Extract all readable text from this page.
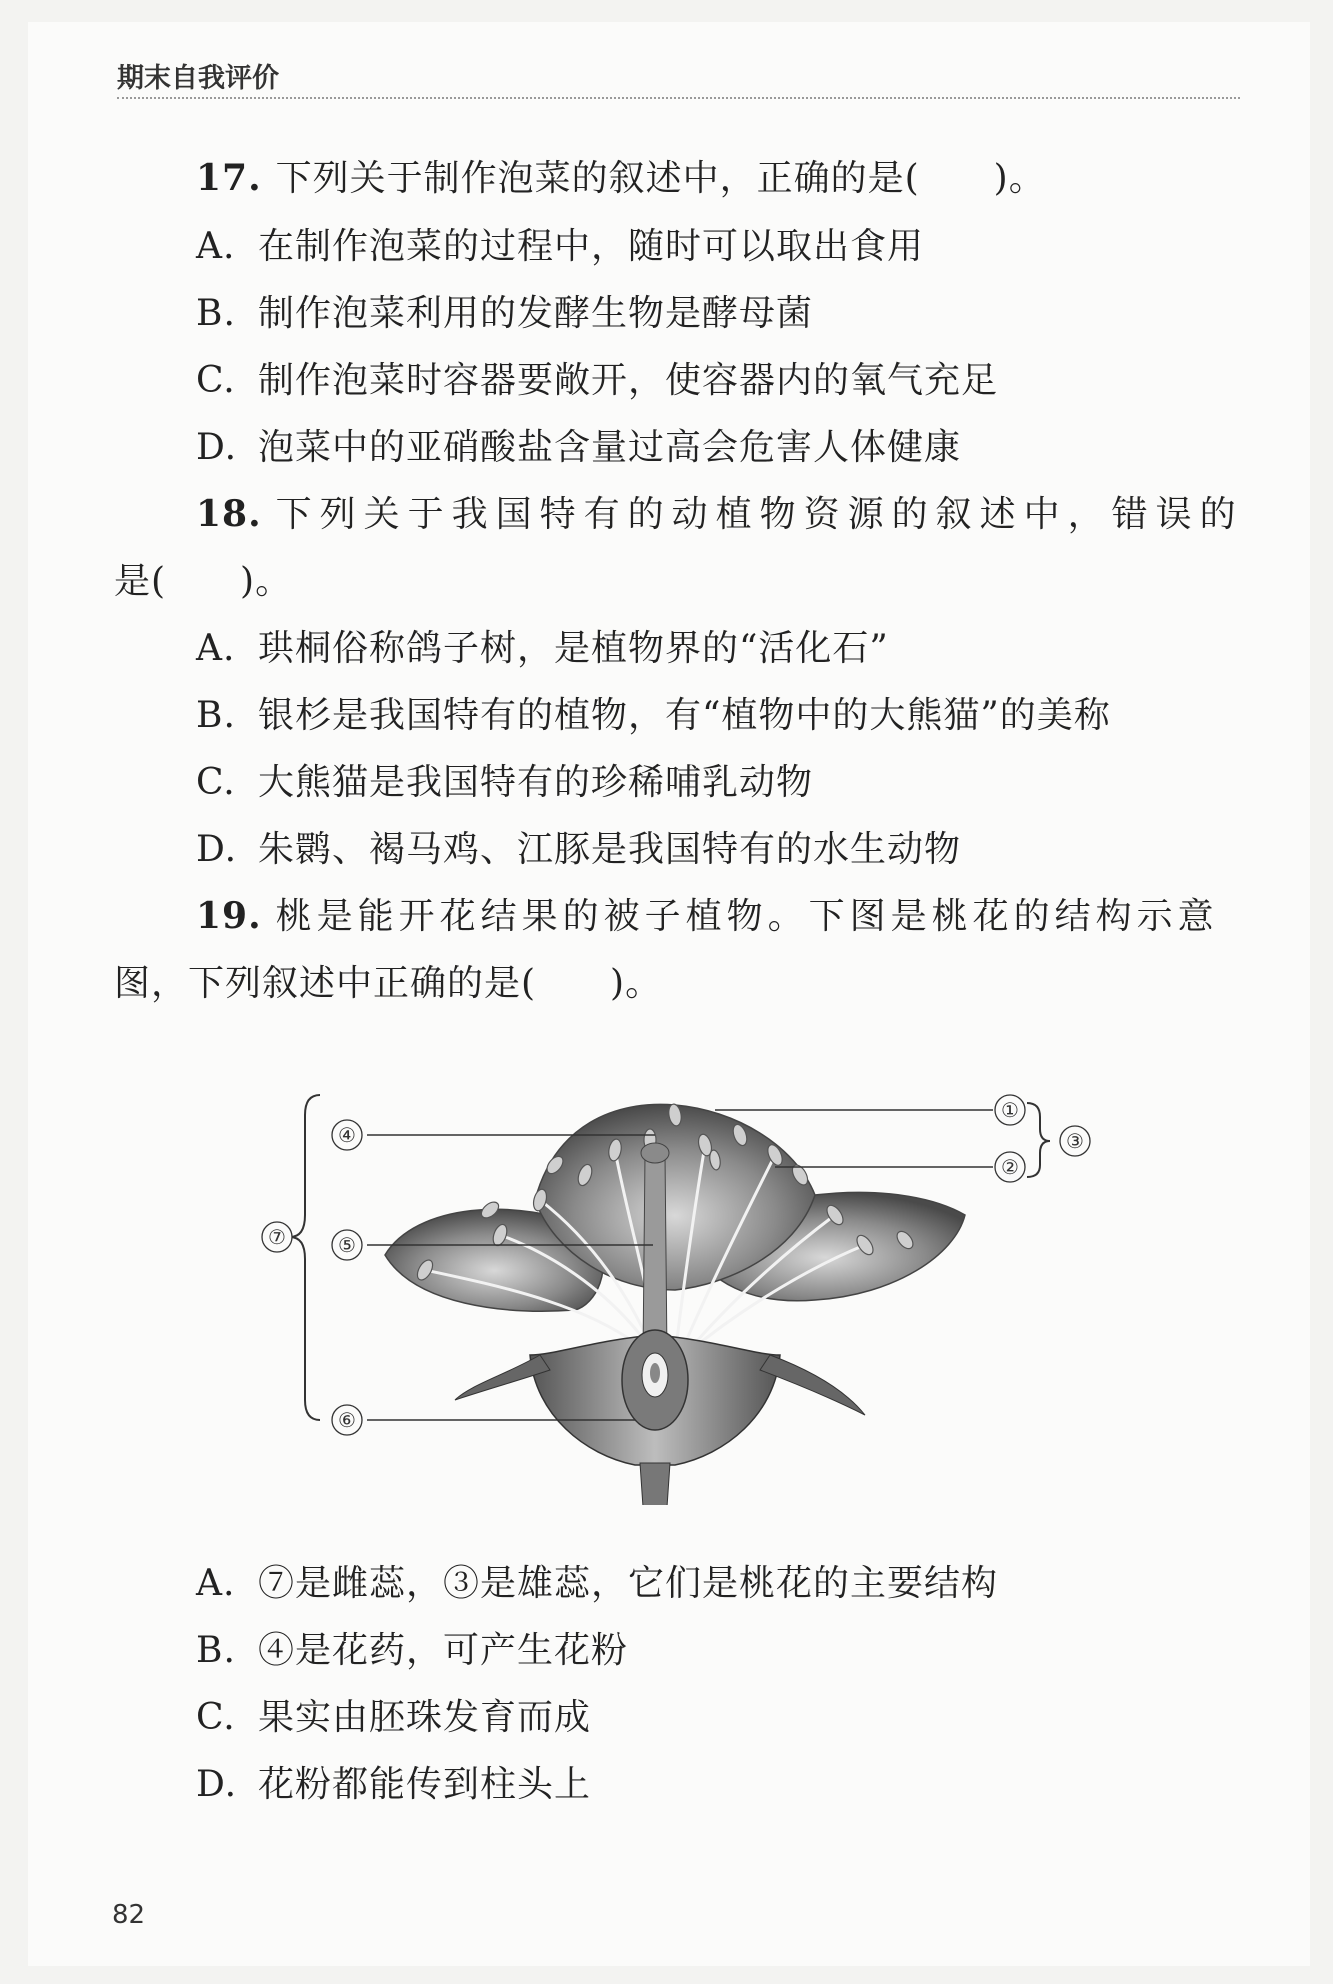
期末自我评价
17. 下列关于制作泡菜的叙述中，正确的是(　　)。
A. 在制作泡菜的过程中，随时可以取出食用
B. 制作泡菜利用的发酵生物是酵母菌
C. 制作泡菜时容器要敞开，使容器内的氧气充足
D. 泡菜中的亚硝酸盐含量过高会危害人体健康
18. 下列关于我国特有的动植物资源的叙述中，错误的
是(　　)。
A. 珙桐俗称鸽子树，是植物界的“活化石”
B. 银杉是我国特有的植物，有“植物中的大熊猫”的美称
C. 大熊猫是我国特有的珍稀哺乳动物
D. 朱鹮、褐马鸡、江豚是我国特有的水生动物
19. 桃是能开花结果的被子植物。下图是桃花的结构示意
图，下列叙述中正确的是(　　)。
④
⑤
⑥
⑦
①
②
③
A. ⑦是雌蕊，③是雄蕊，它们是桃花的主要结构
B. ④是花药，可产生花粉
C. 果实由胚珠发育而成
D. 花粉都能传到柱头上
82
